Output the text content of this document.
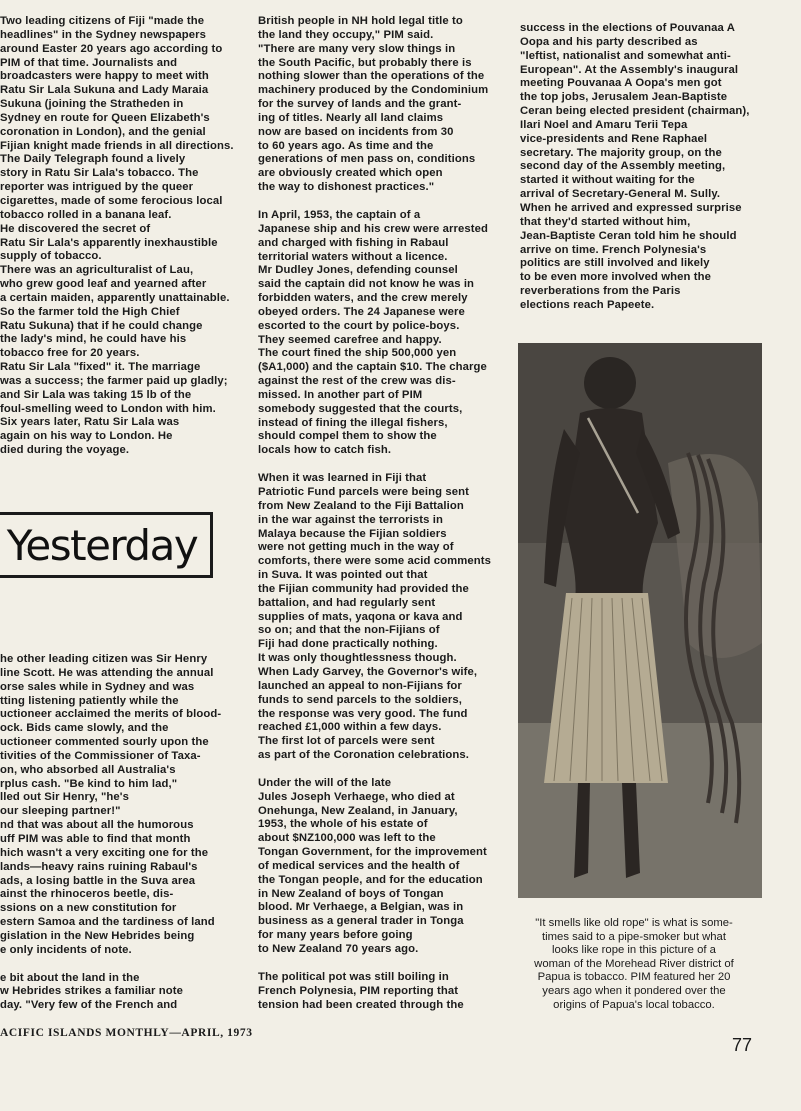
Two leading citizens of Fiji "made the

headlines" in the Sydney newspapers

around Easter 20 years ago according to

PIM of that time. Journalists and

broadcasters were happy to meet with

Ratu Sir Lala Sukuna and Lady Maraia

Sukuna (joining the Stratheden in

Sydney en route for Queen Elizabeth's

coronation in London), and the genial

Fijian knight made friends in all directions.

The Daily Telegraph found a lively

story in Ratu Sir Lala's tobacco. The

reporter was intrigued by the queer

cigarettes, made of some ferocious local

tobacco rolled in a banana leaf.

He discovered the secret of

Ratu Sir Lala's apparently inexhaustible

supply of tobacco.

There was an agriculturalist of Lau,

who grew good leaf and yearned after

a certain maiden, apparently unattainable.

So the farmer told the High Chief

Ratu Sukuna) that if he could change

the lady's mind, he could have his

tobacco free for 20 years.

Ratu Sir Lala "fixed" it. The marriage

was a success; the farmer paid up gladly;

and Sir Lala was taking 15 lb of the

foul-smelling weed to London with him.

Six years later, Ratu Sir Lala was

again on his way to London. He

died during the voyage.

Yesterday

he other leading citizen was Sir Henry

line Scott. He was attending the annual

orse sales while in Sydney and was

tting listening patiently while the

uctioneer acclaimed the merits of blood-

ock. Bids came slowly, and the

uctioneer commented sourly upon the

tivities of the Commissioner of Taxa-

on, who absorbed all Australia's

rplus cash. "Be kind to him lad,"

lled out Sir Henry, "he's

our sleeping partner!"

nd that was about all the humorous

uff PIM was able to find that month

hich wasn't a very exciting one for the

lands—heavy rains ruining Rabaul's

ads, a losing battle in the Suva area

ainst the rhinoceros beetle, dis-

ssions on a new constitution for

estern Samoa and the tardiness of land

gislation in the New Hebrides being

e only incidents of note.

e bit about the land in the

w Hebrides strikes a familiar note

day. "Very few of the French and

British people in NH hold legal title to

the land they occupy," PIM said.

"There are many very slow things in

the South Pacific, but probably there is

nothing slower than the operations of the

machinery produced by the Condominium

for the survey of lands and the grant-

ing of titles. Nearly all land claims

now are based on incidents from 30

to 60 years ago. As time and the

generations of men pass on, conditions

are obviously created which open

the way to dishonest practices."

In April, 1953, the captain of a

Japanese ship and his crew were arrested

and charged with fishing in Rabaul

territorial waters without a licence.

Mr Dudley Jones, defending counsel

said the captain did not know he was in

forbidden waters, and the crew merely

obeyed orders. The 24 Japanese were

escorted to the court by police-boys.

They seemed carefree and happy.

The court fined the ship 500,000 yen

($A1,000) and the captain $10. The charge

against the rest of the crew was dis-

missed. In another part of PIM

somebody suggested that the courts,

instead of fining the illegal fishers,

should compel them to show the

locals how to catch fish.

When it was learned in Fiji that

Patriotic Fund parcels were being sent

from New Zealand to the Fiji Battalion

in the war against the terrorists in

Malaya because the Fijian soldiers

were not getting much in the way of

comforts, there were some acid comments

in Suva. It was pointed out that

the Fijian community had provided the

battalion, and had regularly sent

supplies of mats, yaqona or kava and

so on; and that the non-Fijians of

Fiji had done practically nothing.

It was only thoughtlessness though.

When Lady Garvey, the Governor's wife,

launched an appeal to non-Fijians for

funds to send parcels to the soldiers,

the response was very good. The fund

reached £1,000 within a few days.

The first lot of parcels were sent

as part of the Coronation celebrations.

Under the will of the late

Jules Joseph Verhaege, who died at

Onehunga, New Zealand, in January,

1953, the whole of his estate of

about $NZ100,000 was left to the

Tongan Government, for the improvement

of medical services and the health of

the Tongan people, and for the education

in New Zealand of boys of Tongan

blood. Mr Verhaege, a Belgian, was in

business as a general trader in Tonga

for many years before going

to New Zealand 70 years ago.

The political pot was still boiling in

French Polynesia, PIM reporting that

tension had been created through the

success in the elections of Pouvanaa A

Oopa and his party described as

"leftist, nationalist and somewhat anti-

European". At the Assembly's inaugural

meeting Pouvanaa A Oopa's men got

the top jobs, Jerusalem Jean-Baptiste

Ceran being elected president (chairman),

Ilari Noel and Amaru Terii Tepa

vice-presidents and Rene Raphael

secretary. The majority group, on the

second day of the Assembly meeting,

started it without waiting for the

arrival of Secretary-General M. Sully.

When he arrived and expressed surprise

that they'd started without him,

Jean-Baptiste Ceran told him he should

arrive on time. French Polynesia's

politics are still involved and likely

to be even more involved when the

reverberations from the Paris

elections reach Papeete.

"It smells like old rope" is what is some-

times said to a pipe-smoker but what

looks like rope in this picture of a

woman of the Morehead River district of

Papua is tobacco. PIM featured her 20

years ago when it pondered over the

origins of Papua's local tobacco.

ACIFIC ISLANDS MONTHLY—APRIL, 1973
77
